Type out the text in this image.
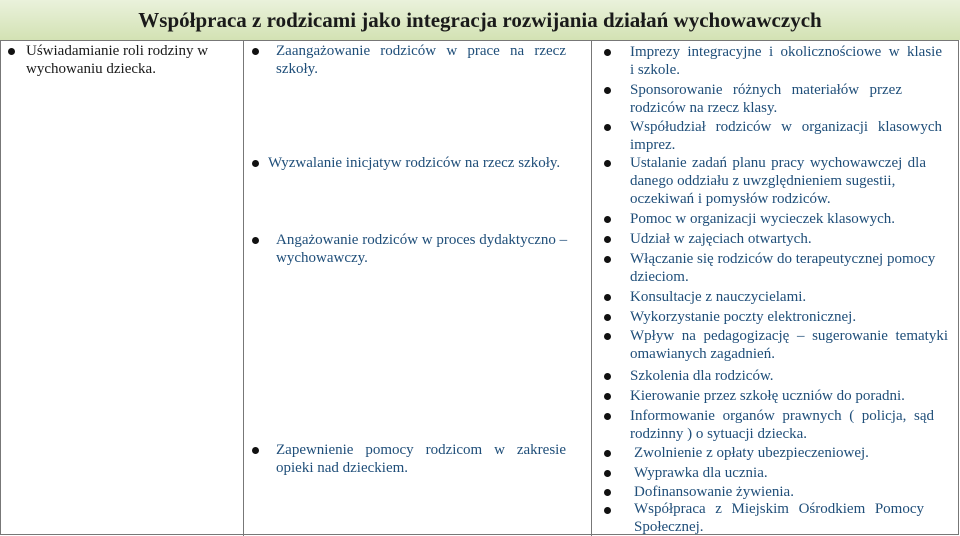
Współpraca z rodzicami jako integracja rozwijania działań wychowawczych
Uświadamianie roli rodziny w
wychowaniu dziecka.
Zaangażowanie rodziców w prace na rzecz
szkoły.
Wyzwalanie inicjatyw rodziców na rzecz szkoły.
Angażowanie rodziców w proces dydaktyczno –
wychowawczy.
Zapewnienie pomocy rodzicom w zakresie
opieki nad dzieckiem.
Imprezy integracyjne i okolicznościowe w klasie
i szkole.
Sponsorowanie różnych materiałów przez
rodziców na rzecz klasy.
Współudział rodziców w organizacji klasowych
imprez.
Ustalanie zadań planu pracy wychowawczej dla
danego oddziału z uwzględnieniem sugestii,
oczekiwań i pomysłów rodziców.
Pomoc w organizacji wycieczek klasowych.
Udział w zajęciach otwartych.
Włączanie się rodziców do terapeutycznej pomocy
dzieciom.
Konsultacje z nauczycielami.
Wykorzystanie poczty elektronicznej.
Wpływ na pedagogizację – sugerowanie tematyki
omawianych zagadnień.
Szkolenia dla rodziców.
Kierowanie przez szkołę uczniów do poradni.
Informowanie organów prawnych ( policja, sąd
rodzinny ) o sytuacji dziecka.
Zwolnienie z opłaty ubezpieczeniowej.
Wyprawka dla ucznia.
Dofinansowanie żywienia.
Współpraca z Miejskim Ośrodkiem Pomocy
Społecznej.
